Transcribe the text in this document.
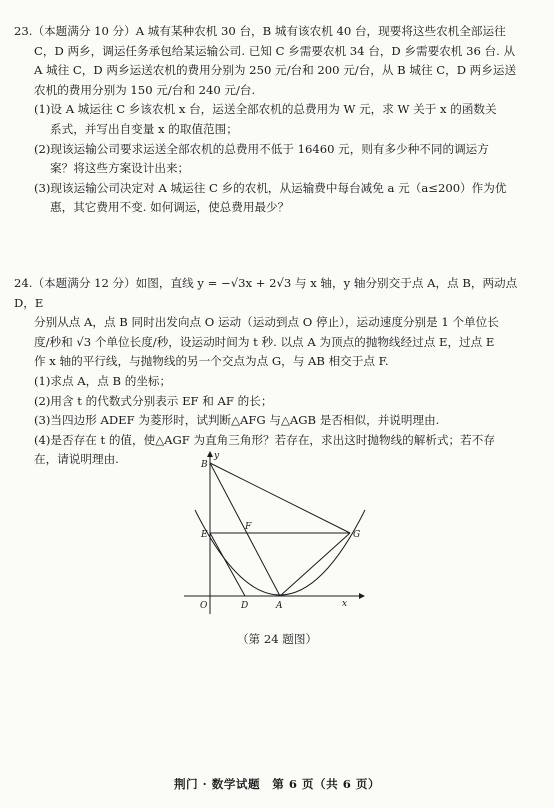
23.（本题满分 10 分）A 城有某种农机 30 台，B 城有该农机 40 台，现要将这些农机全部运往

C，D 两乡，调运任务承包给某运输公司. 已知 C 乡需要农机 34 台，D 乡需要农机 36 台. 从

A 城往 C，D 两乡运送农机的费用分别为 250 元/台和 200 元/台，从 B 城往 C，D 两乡运送

农机的费用分别为 150 元/台和 240 元/台.

(1)设 A 城运往 C 乡该农机 x 台，运送全部农机的总费用为 W 元，求 W 关于 x 的函数关

系式，并写出自变量 x 的取值范围；

(2)现该运输公司要求运送全部农机的总费用不低于 16460 元，则有多少种不同的调运方

案？将这些方案设计出来；

(3)现该运输公司决定对 A 城运往 C 乡的农机，从运输费中每台减免 a 元（a≤200）作为优

惠，其它费用不变. 如何调运，使总费用最少？

24.（本题满分 12 分）如图，直线 y = −√3x + 2√3 与 x 轴，y 轴分别交于点 A，点 B，两动点 D，E

分别从点 A，点 B 同时出发向点 O 运动（运动到点 O 停止），运动速度分别是 1 个单位长

度/秒和 √3 个单位长度/秒，设运动时间为 t 秒. 以点 A 为顶点的抛物线经过点 E，过点 E

作 x 轴的平行线，与抛物线的另一个交点为点 G，与 AB 相交于点 F.

(1)求点 A，点 B 的坐标；

(2)用含 t 的代数式分别表示 EF 和 AF 的长；

(3)当四边形 ADEF 为菱形时，试判断△AFG 与△AGB 是否相似，并说明理由.

(4)是否存在 t 的值，使△AGF 为直角三角形？若存在，求出这时抛物线的解析式；若不存

在，请说明理由.	B
y
E
F
G
O	D	A	x
（第 24 题图）
荆门 · 数学试题　第 6 页（共 6 页）
